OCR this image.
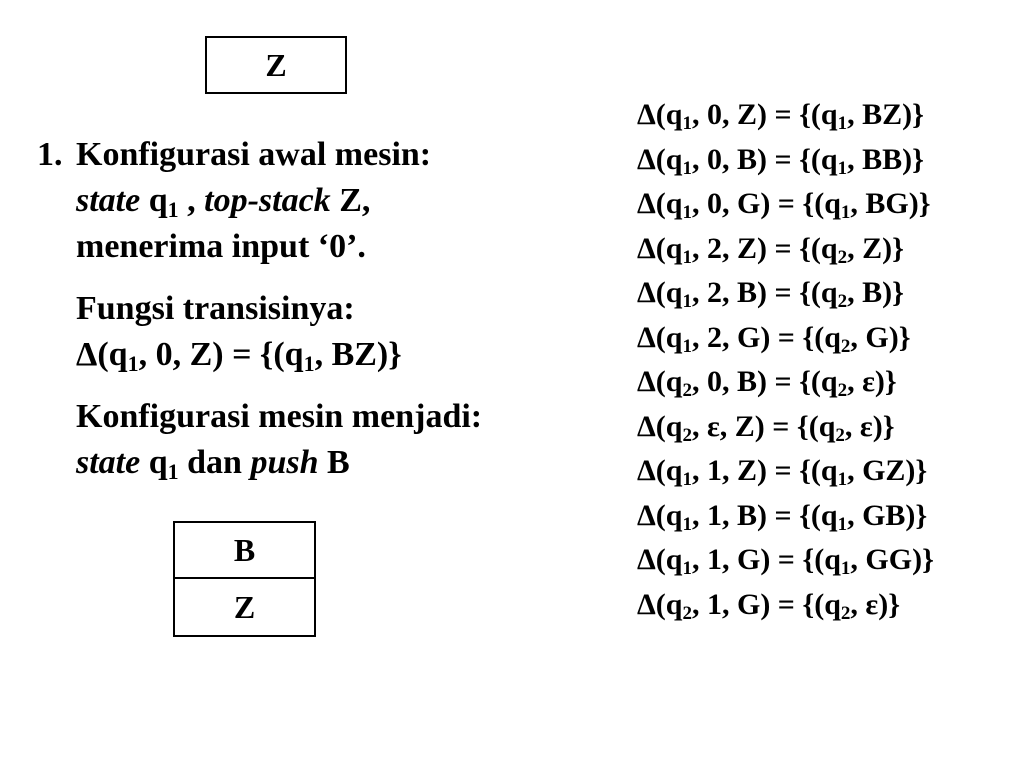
Z
1. Konfigurasi awal mesin:
state $q_1$ , top-stack Z,
menerima input ‘0’.
Fungsi transisinya:
$\Delta(q_1$, 0, $Z) = \{(q_1$, BZ)}
Konfigurasi mesin menjadi:
state $q_1$ dan push B
B
Z
$\Delta(q_1$, 0, $Z) = \{(q_1$, BZ)}
$\Delta(q_1$, 0, $B) = \{(q_1$, BB)}
$\Delta(q_1$, 0, $G) = \{(q_1$, BG)}
$\Delta(q_1$, 2, $Z) = \{(q_2$, Z)}
$\Delta(q_1$, 2, $B) = \{(q_2$, B)}
$\Delta(q_1$, 2, $G) = \{(q_2$, G)}
$\Delta(q_2$, 0, $B) = \{(q_2$, ε)}
$\Delta(q_2$, ε, $Z) = \{(q_2$, ε)}
$\Delta(q_1$, 1, $Z) = \{(q_1$, GZ)}
$\Delta(q_1$, 1, $B) = \{(q_1$, GB)}
$\Delta(q_1$, 1, $G) = \{(q_1$, GG)}
$\Delta(q_2$, 1, $G) = \{(q_2$, ε)}
